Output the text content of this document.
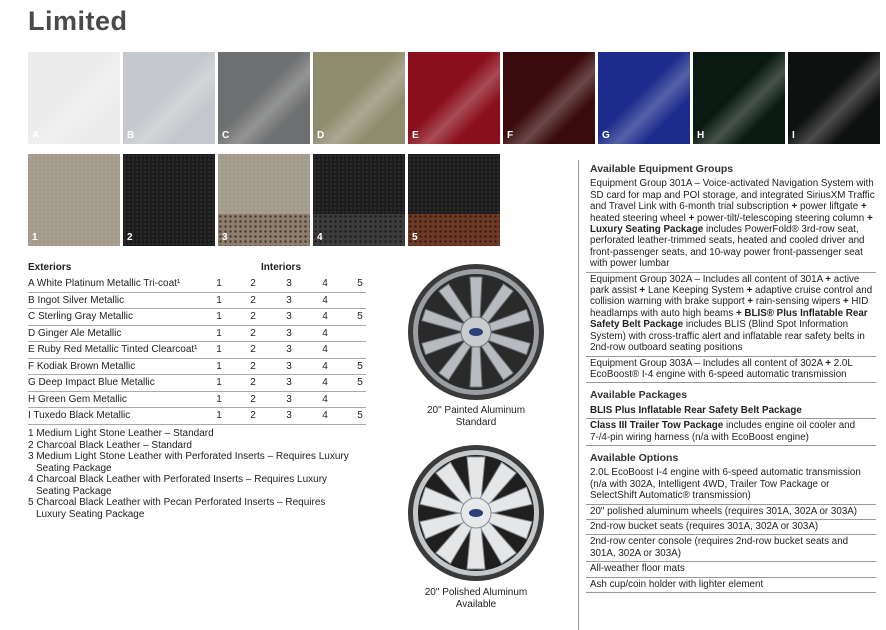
Limited
A	B	C	D	E	F	G	H	I
1	2	3	4	5
Exteriors	Interiors
A White Platinum Metallic Tri-coat¹	1	2	3	4	5
B Ingot Silver Metallic	1	2	3	4
C Sterling Gray Metallic	1	2	3	4	5
D Ginger Ale Metallic	1	2	3	4
E Ruby Red Metallic Tinted Clearcoat¹	1	2	3	4
F Kodiak Brown Metallic	1	2	3	4	5
G Deep Impact Blue Metallic	1	2	3	4	5
H Green Gem Metallic	1	2	3	4
I Tuxedo Black Metallic	1	2	3	4	5
1 Medium Light Stone Leather – Standard
2 Charcoal Black Leather – Standard
3 Medium Light Stone Leather with Perforated Inserts – Requires Luxury Seating Package
4 Charcoal Black Leather with Perforated Inserts – Requires Luxury Seating Package
5 Charcoal Black Leather with Pecan Perforated Inserts – Requires Luxury Seating Package
20" Painted Aluminum
Standard
20" Polished Aluminum
Available
Available Equipment Groups
Equipment Group 301A – Voice-activated Navigation System with SD card for map and POI storage, and integrated SiriusXM Traffic and Travel Link with 6-month trial subscription + power liftgate + heated steering wheel + power-tilt/-telescoping steering column + Luxury Seating Package includes PowerFold® 3rd-row seat, perforated leather-trimmed seats, heated and cooled driver and front-passenger seats, and 10-way power front-passenger seat with power lumbar
Equipment Group 302A – Includes all content of 301A + active park assist + Lane Keeping System + adaptive cruise control and collision warning with brake support + rain-sensing wipers + HID headlamps with auto high beams + BLIS® Plus Inflatable Rear Safety Belt Package includes BLIS (Blind Spot Information System) with cross-traffic alert and inflatable rear safety belts in 2nd-row outboard seating positions
Equipment Group 303A – Includes all content of 302A + 2.0L EcoBoost® I-4 engine with 6-speed automatic transmission
Available Packages
BLIS Plus Inflatable Rear Safety Belt Package
Class III Trailer Tow Package includes engine oil cooler and 7-/4-pin wiring harness (n/a with EcoBoost engine)
Available Options
2.0L EcoBoost I-4 engine with 6-speed automatic transmission (n/a with 302A, Intelligent 4WD, Trailer Tow Package or SelectShift Automatic® transmission)
20" polished aluminum wheels (requires 301A, 302A or 303A)
2nd-row bucket seats (requires 301A, 302A or 303A)
2nd-row center console (requires 2nd-row bucket seats and 301A, 302A or 303A)
All-weather floor mats
Ash cup/coin holder with lighter element
